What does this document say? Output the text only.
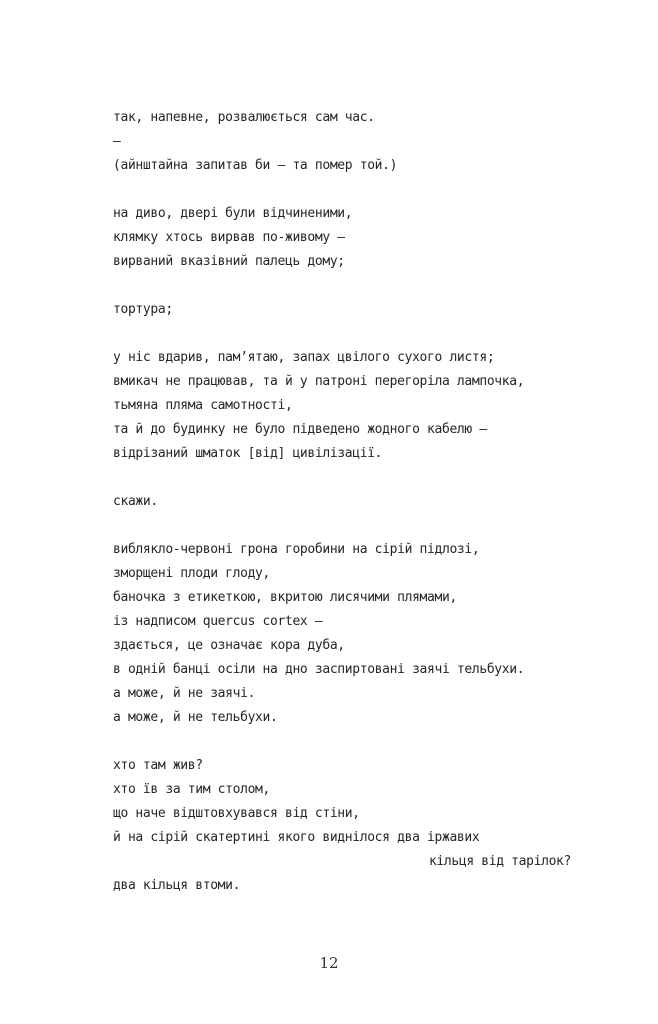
так, напевне, розвалюється сам час.
–
(айнштайна запитав би – та помер той.)
на диво, двері були відчиненими,
клямку хтось вирвав по-живому –
вирваний вказівний палець дому;
тортура;
у ніс вдарив, пам’ятаю, запах цвілого сухого листя;
вмикач не працював, та й у патроні перегоріла лампочка,
тьмяна пляма самотності,
та й до будинку не було підведено жодного кабелю –
відрізаний шматок [від] цивілізації.
скажи.
виблякло-червоні грона горобини на сірій підлозі,
зморщені плоди глоду,
баночка з етикеткою, вкритою лисячими плямами,
із надписом quercus cortex –
здається, це означає кора дуба,
в одній банці осіли на дно заспиртовані заячі тельбухи.
а може, й не заячі.
а може, й не тельбухи.
хто там жив?
хто їв за тим столом,
що наче відштовхувався від стіни,
й на сірій скатертині якого виднілося два іржавих
кільця від тарілок?
два кільця втоми.
12
